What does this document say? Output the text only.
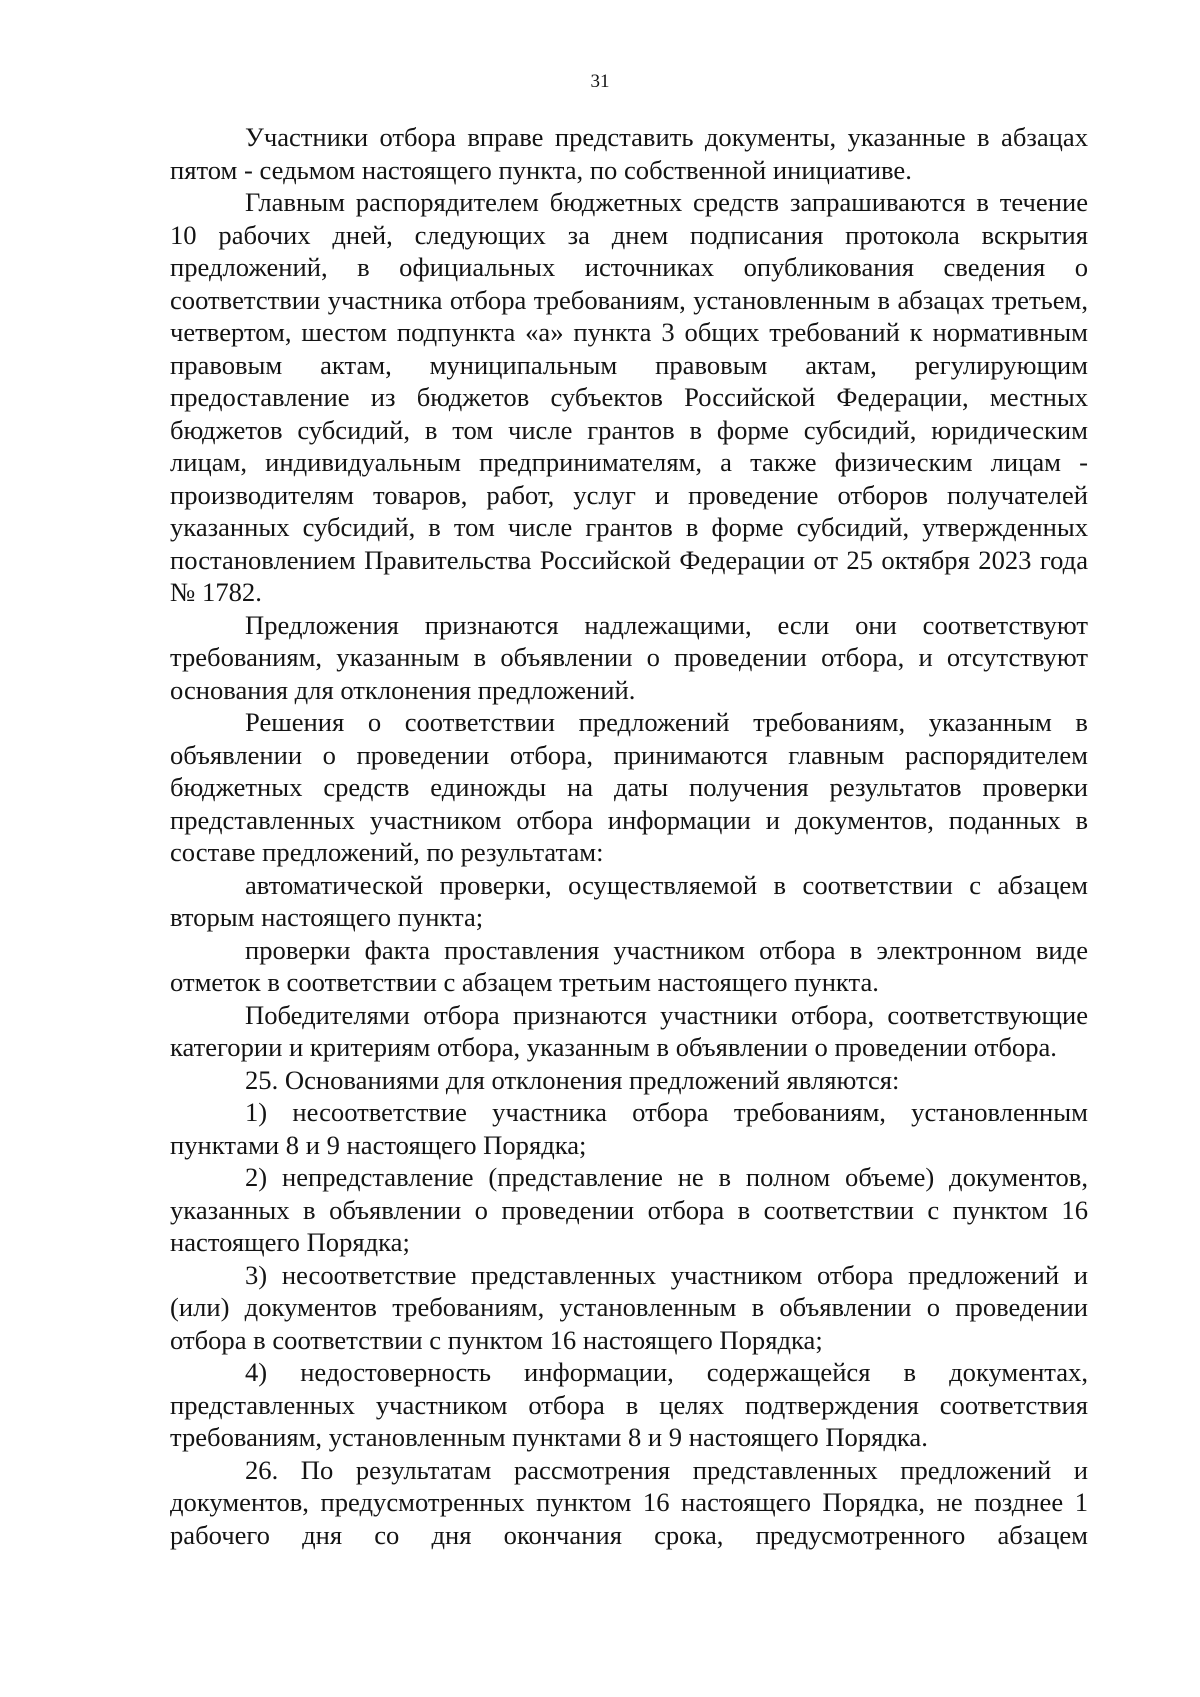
31

Участники отбора вправе представить документы, указанные в абзацах пятом - седьмом настоящего пункта, по собственной инициативе.

Главным распорядителем бюджетных средств запрашиваются в течение 10 рабочих дней, следующих за днем подписания протокола вскрытия предложений, в официальных источниках опубликования сведения о соответствии участника отбора требованиям, установленным в абзацах третьем, четвертом, шестом подпункта «а» пункта 3 общих требований к нормативным правовым актам, муниципальным правовым актам, регулирующим предоставление из бюджетов субъектов Российской Федерации, местных бюджетов субсидий, в том числе грантов в форме субсидий, юридическим лицам, индивидуальным предпринимателям, а также физическим лицам - производителям товаров, работ, услуг и проведение отборов получателей указанных субсидий, в том числе грантов в форме субсидий, утвержденных постановлением Правительства Российской Федерации от 25 октября 2023 года № 1782.

Предложения признаются надлежащими, если они соответствуют требованиям, указанным в объявлении о проведении отбора, и отсутствуют основания для отклонения предложений.

Решения о соответствии предложений требованиям, указанным в объявлении о проведении отбора, принимаются главным распорядителем бюджетных средств единожды на даты получения результатов проверки представленных участником отбора информации и документов, поданных в составе предложений, по результатам:

автоматической проверки, осуществляемой в соответствии с абзацем вторым настоящего пункта;

проверки факта проставления участником отбора в электронном виде отметок в соответствии с абзацем третьим настоящего пункта.

Победителями отбора признаются участники отбора, соответствующие категории и критериям отбора, указанным в объявлении о проведении отбора.

25. Основаниями для отклонения предложений являются:

1) несоответствие участника отбора требованиям, установленным пунктами 8 и 9 настоящего Порядка;

2) непредставление (представление не в полном объеме) документов, указанных в объявлении о проведении отбора в соответствии с пунктом 16 настоящего Порядка;

3) несоответствие представленных участником отбора предложений и (или) документов требованиям, установленным в объявлении о проведении отбора в соответствии с пунктом 16 настоящего Порядка;

4) недостоверность информации, содержащейся в документах, представленных участником отбора в целях подтверждения соответствия требованиям, установленным пунктами 8 и 9 настоящего Порядка.

26. По результатам рассмотрения представленных предложений и документов, предусмотренных пунктом 16 настоящего Порядка, не позднее 1 рабочего дня со дня окончания срока, предусмотренного абзацем
